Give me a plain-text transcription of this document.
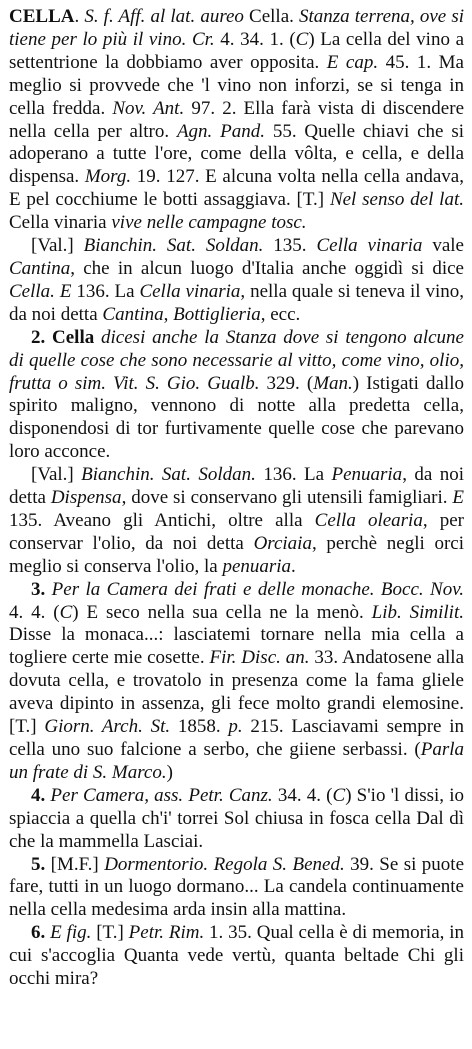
CELLA. S. f. Aff. al lat. aureo Cella. Stanza terrena, ove si tiene per lo più il vino. Cr. 4. 34. 1. (C) La cella del vino a settentrione la dobbiamo aver opposita. E cap. 45. 1. Ma meglio si provvede che 'l vino non inforzi, se si tenga in cella fredda. Nov. Ant. 97. 2. Ella farà vista di discendere nella cella per altro. Agn. Pand. 55. Quelle chiavi che si adoperano a tutte l'ore, come della vôlta, e cella, e della dispensa. Morg. 19. 127. E alcuna volta nella cella andava, E pel cocchiume le botti assaggiava. [T.] Nel senso del lat. Cella vinaria vive nelle campagne tosc.

[Val.] Bianchin. Sat. Soldan. 135. Cella vinaria vale Cantina, che in alcun luogo d'Italia anche oggidì si dice Cella. E 136. La Cella vinaria, nella quale si teneva il vino, da noi detta Cantina, Bottiglieria, ecc.

2. Cella dicesi anche la Stanza dove si tengono alcune di quelle cose che sono necessarie al vitto, come vino, olio, frutta o sim. Vit. S. Gio. Gualb. 329. (Man.) Istigati dallo spirito maligno, vennono di notte alla predetta cella, disponendosi di tor furtivamente quelle cose che parevano loro acconce.

[Val.] Bianchin. Sat. Soldan. 136. La Penuaria, da noi detta Dispensa, dove si conservano gli utensili famigliari. E 135. Aveano gli Antichi, oltre alla Cella olearia, per conservar l'olio, da noi detta Orciaia, perchè negli orci meglio si conserva l'olio, la penuaria.

3. Per la Camera dei frati e delle monache. Bocc. Nov. 4. 4. (C) E seco nella sua cella ne la menò. Lib. Similit. Disse la monaca...: lasciatemi tornare nella mia cella a togliere certe mie cosette. Fir. Disc. an. 33. Andatosene alla dovuta cella, e trovatolo in presenza come la fama gliele aveva dipinto in assenza, gli fece molto grandi elemosine. [T.] Giorn. Arch. St. 1858. p. 215. Lasciavami sempre in cella uno suo falcione a serbo, che giiene serbassi. (Parla un frate di S. Marco.)

4. Per Camera, ass. Petr. Canz. 34. 4. (C) S'io 'l dissi, io spiaccia a quella ch'i' torrei Sol chiusa in fosca cella Dal dì che la mammella Lasciai.

5. [M.F.] Dormentorio. Regola S. Bened. 39. Se si puote fare, tutti in un luogo dormano... La candela continuamente nella cella medesima arda insin alla mattina.

6. E fig. [T.] Petr. Rim. 1. 35. Qual cella è di memoria, in cui s'accoglia Quanta vede vertù, quanta beltade Chi gli occhi mira?
